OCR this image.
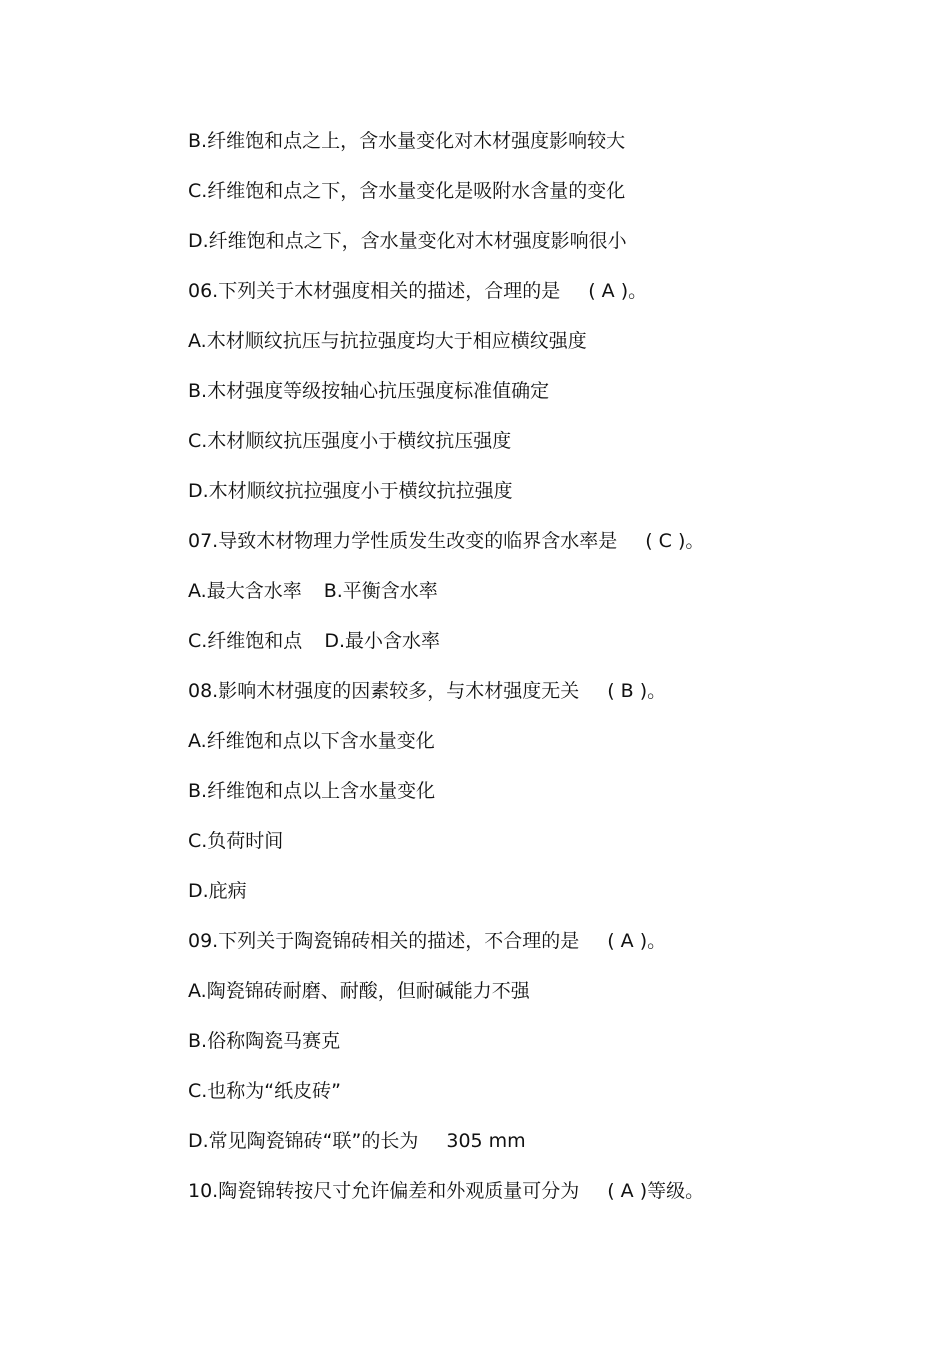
B.纤维饱和点之上，含水量变化对木材强度影响较大
C.纤维饱和点之下，含水量变化是吸附水含量的变化
D.纤维饱和点之下，含水量变化对木材强度影响很小
06.下列关于木材强度相关的描述，合理的是 ( A )。
A.木材顺纹抗压与抗拉强度均大于相应横纹强度
B.木材强度等级按轴心抗压强度标准值确定
C.木材顺纹抗压强度小于横纹抗压强度
D.木材顺纹抗拉强度小于横纹抗拉强度
07.导致木材物理力学性质发生改变的临界含水率是 ( C )。
A.最大含水率 B.平衡含水率
C.纤维饱和点 D.最小含水率
08.影响木材强度的因素较多，与木材强度无关 ( B )。
A.纤维饱和点以下含水量变化
B.纤维饱和点以上含水量变化
C.负荷时间
D.庇病
09.下列关于陶瓷锦砖相关的描述，不合理的是 ( A )。
A.陶瓷锦砖耐磨、耐酸，但耐碱能力不强
B.俗称陶瓷马赛克
C.也称为“纸皮砖”
D.常见陶瓷锦砖“联”的长为 305 mm
10.陶瓷锦转按尺寸允许偏差和外观质量可分为 ( A )等级。
